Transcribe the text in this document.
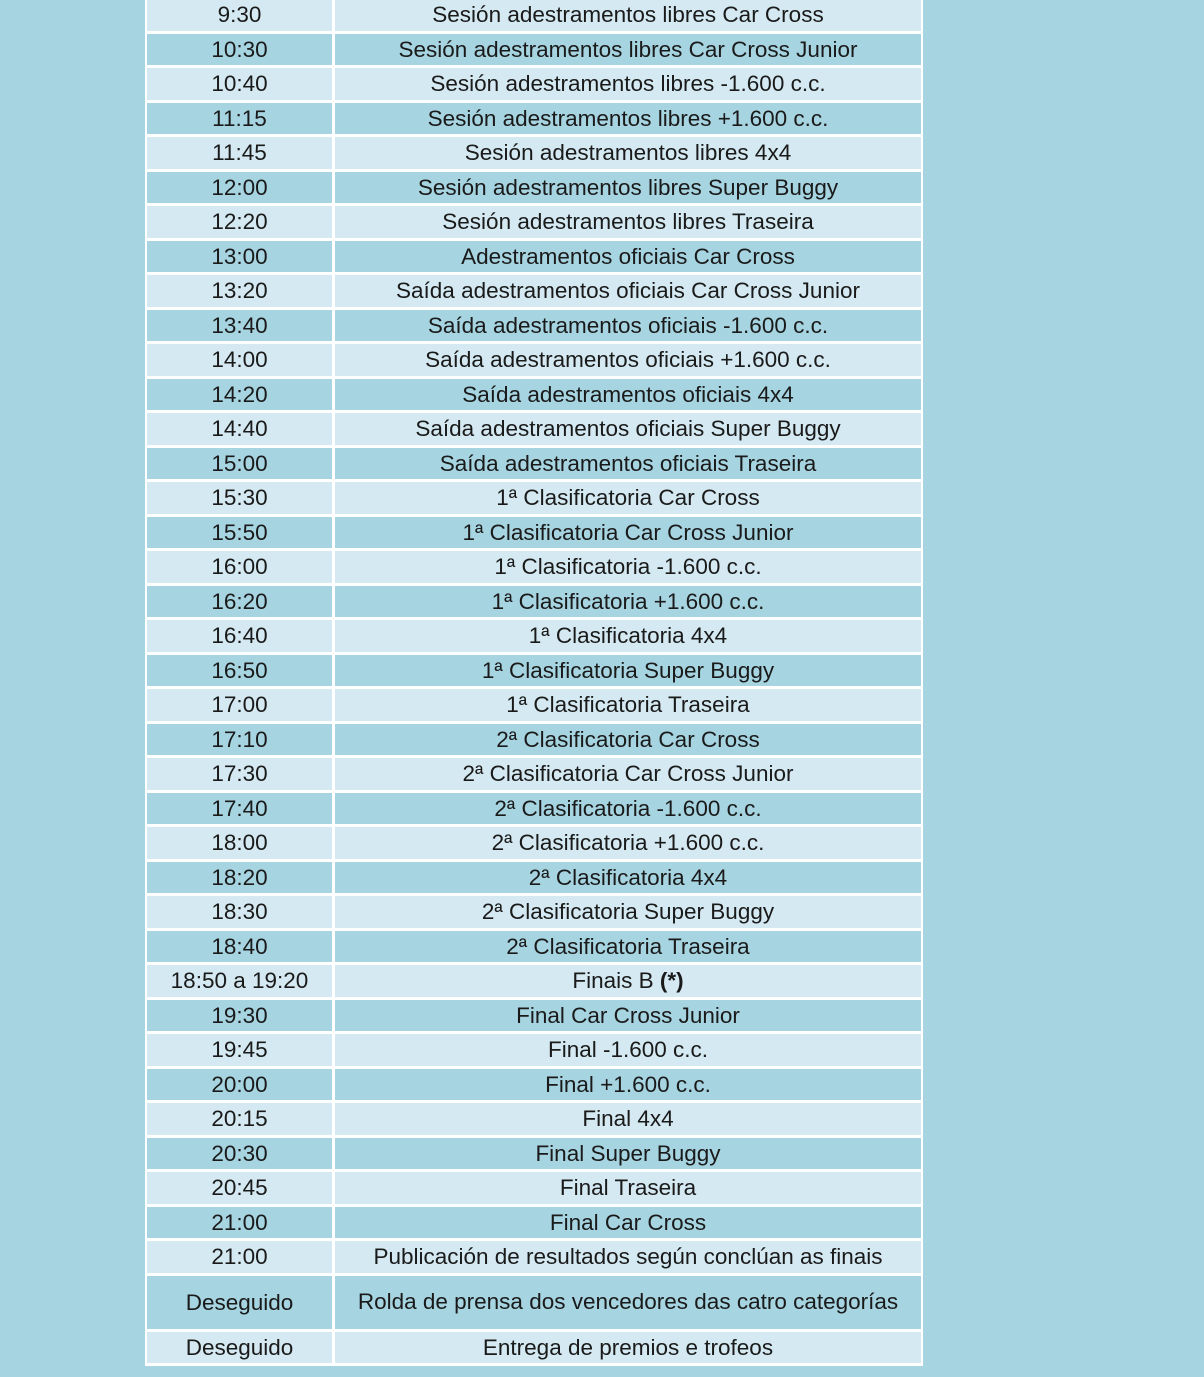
9:30	Sesión adestramentos libres Car Cross
10:30	Sesión adestramentos libres Car Cross Junior
10:40	Sesión adestramentos libres -1.600 c.c.
11:15	Sesión adestramentos libres +1.600 c.c.
11:45	Sesión adestramentos libres 4x4
12:00	Sesión adestramentos libres Super Buggy
12:20	Sesión adestramentos libres Traseira
13:00	Adestramentos oficiais Car Cross
13:20	Saída adestramentos oficiais Car Cross Junior
13:40	Saída adestramentos oficiais -1.600 c.c.
14:00	Saída adestramentos oficiais +1.600 c.c.
14:20	Saída adestramentos oficiais 4x4
14:40	Saída adestramentos oficiais Super Buggy
15:00	Saída adestramentos oficiais Traseira
15:30	1ª Clasificatoria Car Cross
15:50	1ª Clasificatoria Car Cross Junior
16:00	1ª Clasificatoria -1.600 c.c.
16:20	1ª Clasificatoria +1.600 c.c.
16:40	1ª Clasificatoria 4x4
16:50	1ª Clasificatoria Super Buggy
17:00	1ª Clasificatoria Traseira
17:10	2ª Clasificatoria Car Cross
17:30	2ª Clasificatoria Car Cross Junior
17:40	2ª Clasificatoria -1.600 c.c.
18:00	2ª Clasificatoria +1.600 c.c.
18:20	2ª Clasificatoria 4x4
18:30	2ª Clasificatoria Super Buggy
18:40	2ª Clasificatoria Traseira
18:50 a 19:20	Finais B (*)
19:30	Final Car Cross Junior
19:45	Final -1.600 c.c.
20:00	Final +1.600 c.c.
20:15	Final 4x4
20:30	Final Super Buggy
20:45	Final Traseira
21:00	Final Car Cross
21:00	Publicación de resultados según conclúan as finais
Deseguido	Rolda de prensa dos vencedores das catro categorías
Deseguido	Entrega de premios e trofeos
